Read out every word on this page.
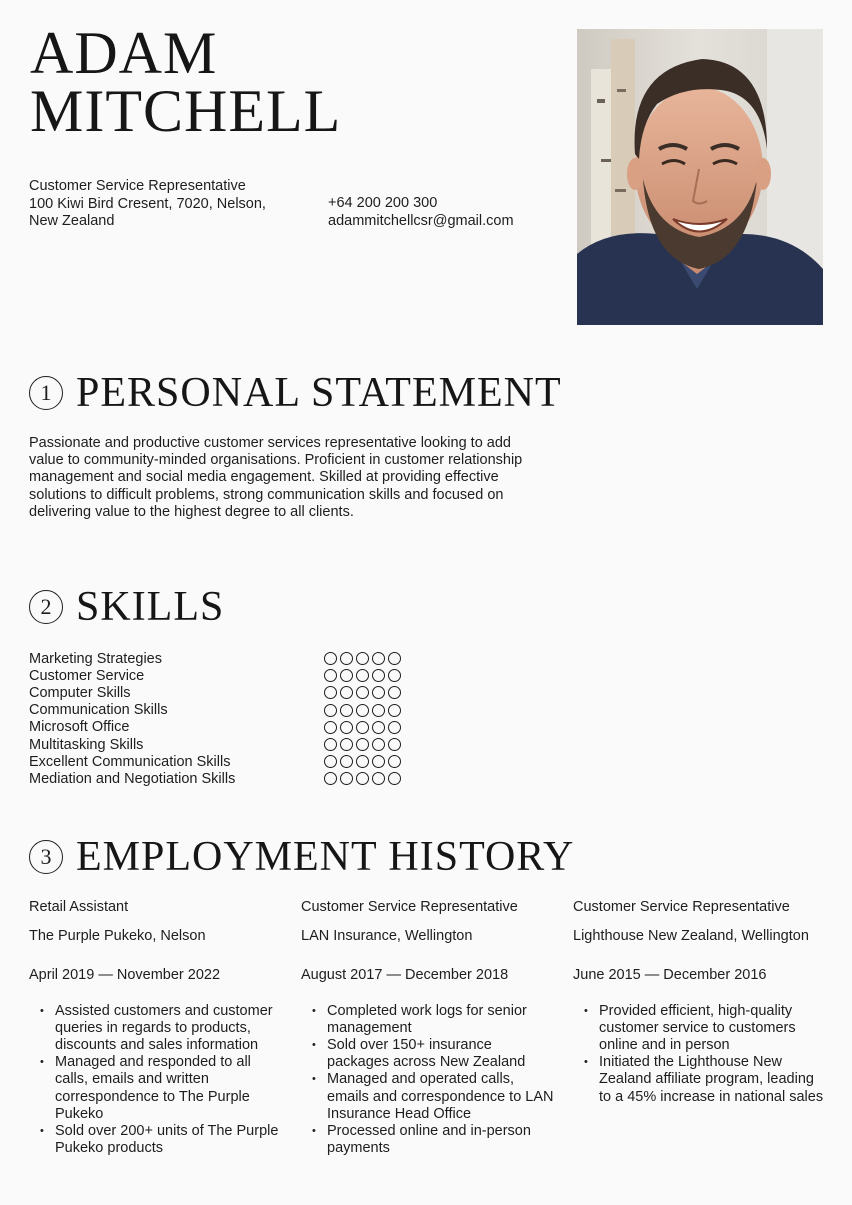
ADAM
MITCHELL
Customer Service Representative
100 Kiwi Bird Cresent, 7020, Nelson,
New Zealand
+64 200 200 300
adammitchellcsr@gmail.com
1 PERSONAL STATEMENT

Passionate and productive customer services representative looking to add value to community-minded organisations. Proficient in customer relationship management and social media engagement. Skilled at providing effective solutions to difficult problems, strong communication skills and focused on delivering value to the highest degree to all clients.

2 SKILLS
Marketing Strategies
Customer Service
Computer Skills
Communication Skills
Microsoft Office
Multitasking Skills
Excellent Communication Skills
Mediation and Negotiation Skills
3 EMPLOYMENT HISTORY
Retail Assistant
The Purple Pukeko, Nelson
April 2019 — November 2022
• Assisted customers and customer queries in regards to products, discounts and sales information
• Managed and responded to all calls, emails and written correspondence to The Purple Pukeko
• Sold over 200+ units of The Purple Pukeko products
Customer Service Representative
LAN Insurance, Wellington
August 2017 — December 2018
• Completed work logs for senior management
• Sold over 150+ insurance packages across New Zealand
• Managed and operated calls, emails and correspondence to LAN Insurance Head Office
• Processed online and in-person payments
Customer Service Representative
Lighthouse New Zealand, Wellington
June 2015 — December 2016
• Provided efficient, high-quality customer service to customers online and in person
• Initiated the Lighthouse New Zealand affiliate program, leading to a 45% increase in national sales
